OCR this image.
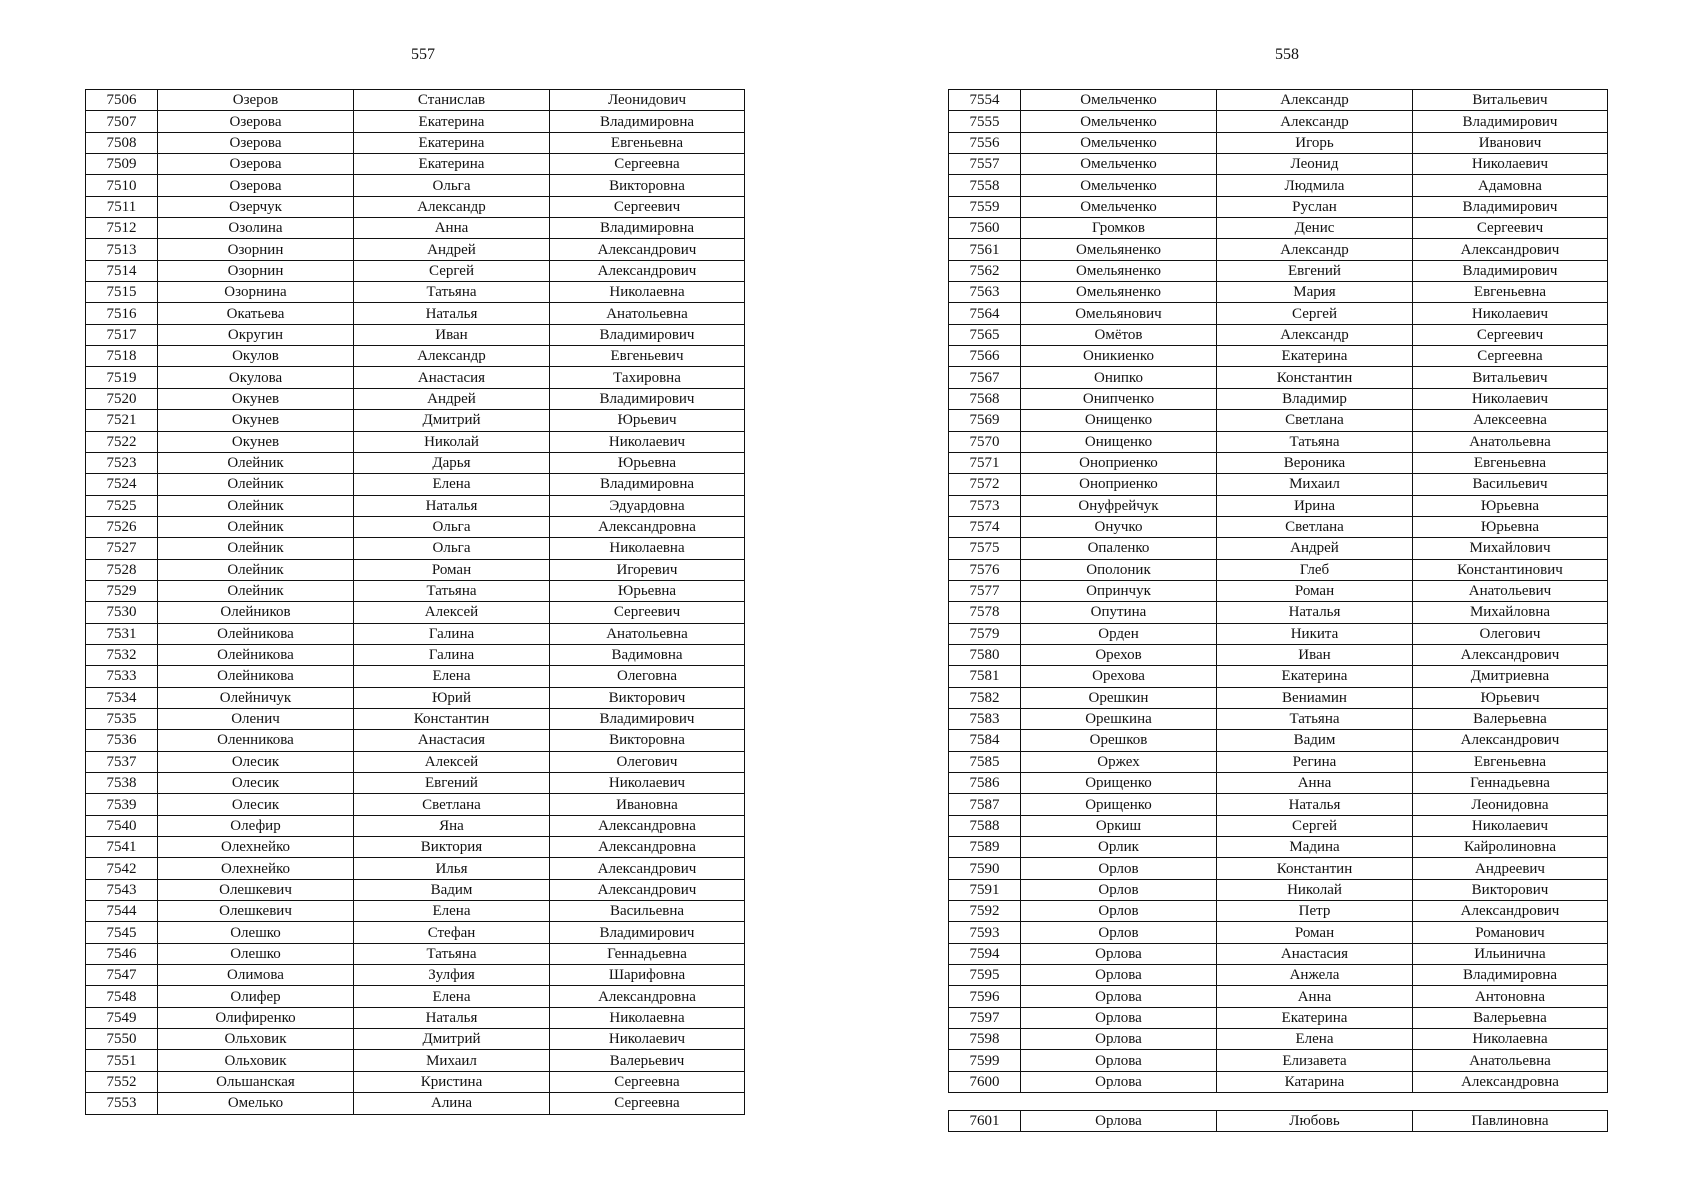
557	558
7506	Озеров	Станислав	Леонидович
7507	Озерова	Екатерина	Владимировна
7508	Озерова	Екатерина	Евгеньевна
7509	Озерова	Екатерина	Сергеевна
7510	Озерова	Ольга	Викторовна
7511	Озерчук	Александр	Сергеевич
7512	Озолина	Анна	Владимировна
7513	Озорнин	Андрей	Александрович
7514	Озорнин	Сергей	Александрович
7515	Озорнина	Татьяна	Николаевна
7516	Окатьева	Наталья	Анатольевна
7517	Округин	Иван	Владимирович
7518	Окулов	Александр	Евгеньевич
7519	Окулова	Анастасия	Тахировна
7520	Окунев	Андрей	Владимирович
7521	Окунев	Дмитрий	Юрьевич
7522	Окунев	Николай	Николаевич
7523	Олейник	Дарья	Юрьевна
7524	Олейник	Елена	Владимировна
7525	Олейник	Наталья	Эдуардовна
7526	Олейник	Ольга	Александровна
7527	Олейник	Ольга	Николаевна
7528	Олейник	Роман	Игоревич
7529	Олейник	Татьяна	Юрьевна
7530	Олейников	Алексей	Сергеевич
7531	Олейникова	Галина	Анатольевна
7532	Олейникова	Галина	Вадимовна
7533	Олейникова	Елена	Олеговна
7534	Олейничук	Юрий	Викторович
7535	Оленич	Константин	Владимирович
7536	Оленникова	Анастасия	Викторовна
7537	Олесик	Алексей	Олегович
7538	Олесик	Евгений	Николаевич
7539	Олесик	Светлана	Ивановна
7540	Олефир	Яна	Александровна
7541	Олехнейко	Виктория	Александровна
7542	Олехнейко	Илья	Александрович
7543	Олешкевич	Вадим	Александрович
7544	Олешкевич	Елена	Васильевна
7545	Олешко	Стефан	Владимирович
7546	Олешко	Татьяна	Геннадьевна
7547	Олимова	Зулфия	Шарифовна
7548	Олифер	Елена	Александровна
7549	Олифиренко	Наталья	Николаевна
7550	Ольховик	Дмитрий	Николаевич
7551	Ольховик	Михаил	Валерьевич
7552	Ольшанская	Кристина	Сергеевна
7553	Омелько	Алина	Сергеевна
7554	Омельченко	Александр	Витальевич
7555	Омельченко	Александр	Владимирович
7556	Омельченко	Игорь	Иванович
7557	Омельченко	Леонид	Николаевич
7558	Омельченко	Людмила	Адамовна
7559	Омельченко	Руслан	Владимирович
7560	Громков	Денис	Сергеевич
7561	Омельяненко	Александр	Александрович
7562	Омельяненко	Евгений	Владимирович
7563	Омельяненко	Мария	Евгеньевна
7564	Омельянович	Сергей	Николаевич
7565	Омётов	Александр	Сергеевич
7566	Оникиенко	Екатерина	Сергеевна
7567	Онипко	Константин	Витальевич
7568	Онипченко	Владимир	Николаевич
7569	Онищенко	Светлана	Алексеевна
7570	Онищенко	Татьяна	Анатольевна
7571	Оноприенко	Вероника	Евгеньевна
7572	Оноприенко	Михаил	Васильевич
7573	Онуфрейчук	Ирина	Юрьевна
7574	Онучко	Светлана	Юрьевна
7575	Опаленко	Андрей	Михайлович
7576	Ополоник	Глеб	Константинович
7577	Опринчук	Роман	Анатольевич
7578	Опутина	Наталья	Михайловна
7579	Орден	Никита	Олегович
7580	Орехов	Иван	Александрович
7581	Орехова	Екатерина	Дмитриевна
7582	Орешкин	Вениамин	Юрьевич
7583	Орешкина	Татьяна	Валерьевна
7584	Орешков	Вадим	Александрович
7585	Оржех	Регина	Евгеньевна
7586	Орищенко	Анна	Геннадьевна
7587	Орищенко	Наталья	Леонидовна
7588	Оркиш	Сергей	Николаевич
7589	Орлик	Мадина	Кайролиновна
7590	Орлов	Константин	Андреевич
7591	Орлов	Николай	Викторович
7592	Орлов	Петр	Александрович
7593	Орлов	Роман	Романович
7594	Орлова	Анастасия	Ильинична
7595	Орлова	Анжела	Владимировна
7596	Орлова	Анна	Антоновна
7597	Орлова	Екатерина	Валерьевна
7598	Орлова	Елена	Николаевна
7599	Орлова	Елизавета	Анатольевна
7600	Орлова	Катарина	Александровна
7601	Орлова	Любовь	Павлиновна
